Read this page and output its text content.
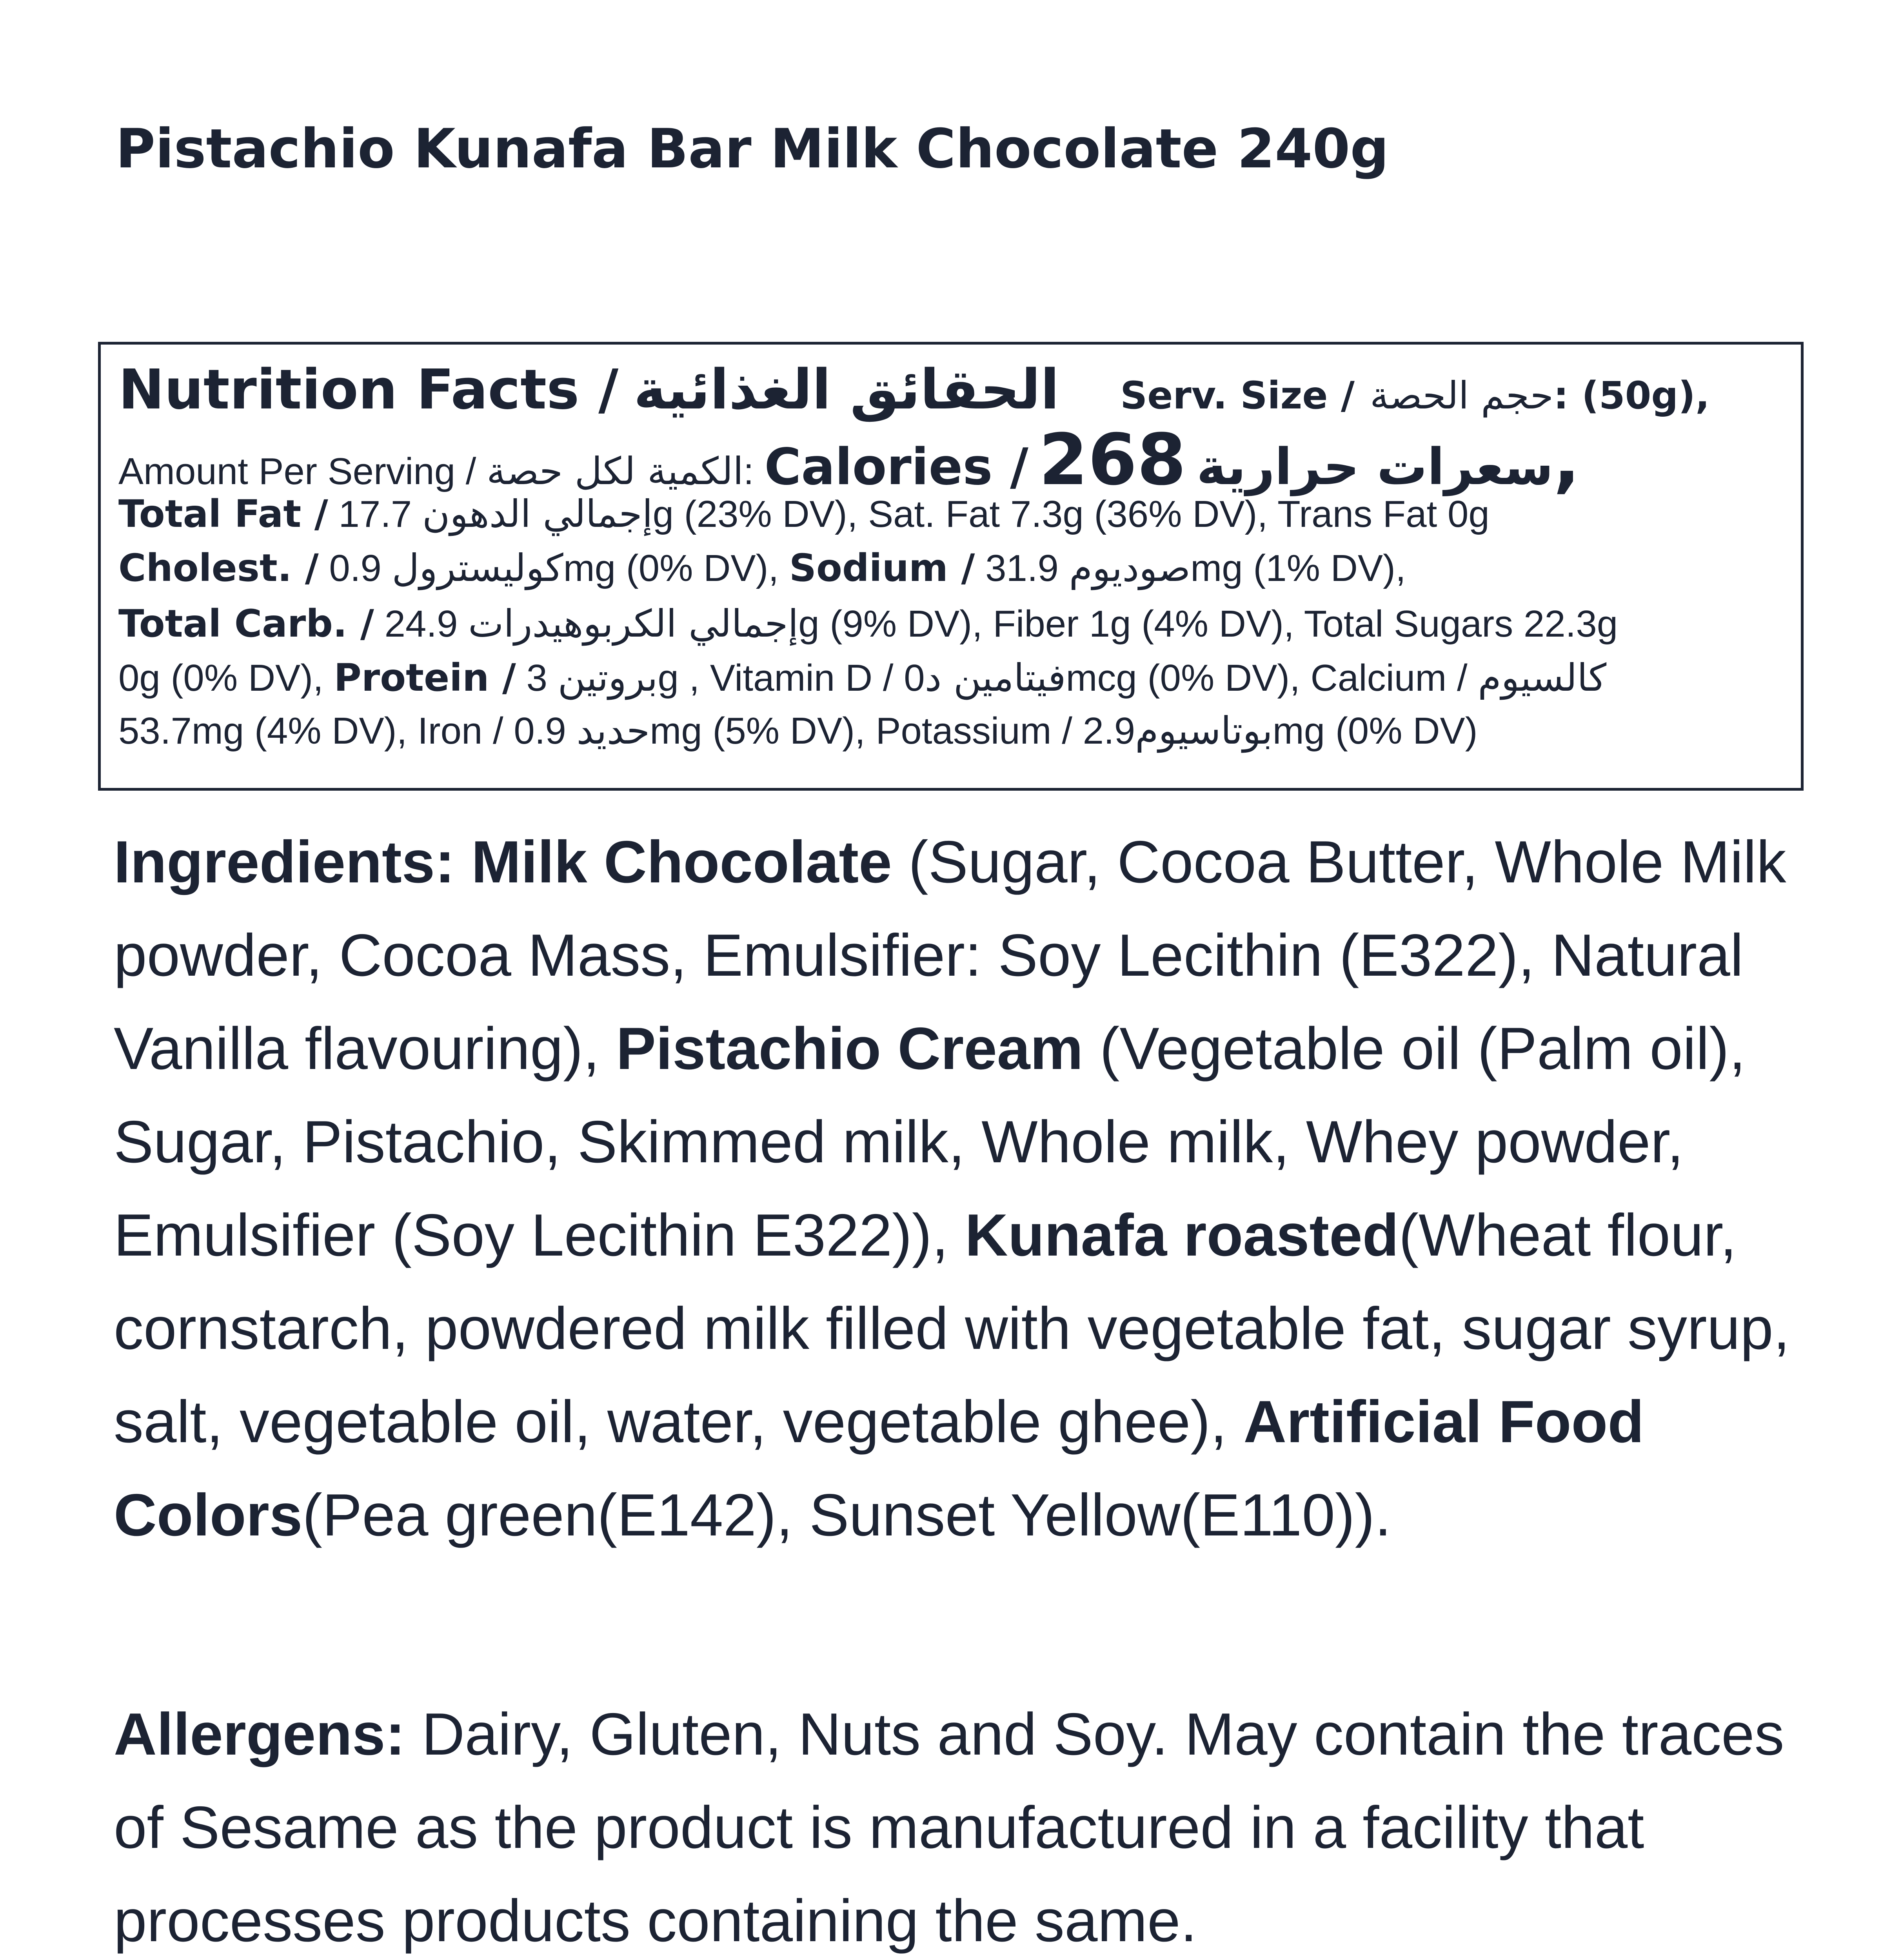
Pistachio Kunafa Bar Milk Chocolate 240g
Nutrition Facts / الحقائق الغذائية Serv. Size / حجم الحصة: (50g),
Amount Per Serving / الكمية لكل حصة: Calories /	سعرات حرارية 268,
Total Fat /	إجمالي الدهون 17.7g (23% DV), Sat. Fat 7.3g (36% DV), Trans Fat 0g
Cholest. / كوليسترول 0.9mg (0% DV), Sodium /	صوديوم 31.9mg (1% DV),
Total Carb. /	إجمالي الكربوهيدرات 24.9g (9% DV), Fiber 1g (4% DV), Total Sugars 22.3g
0g (0% DV), Protein / بروتين 3g , Vitamin D / فيتامين د0mcg (0% DV), Calcium / كالسيوم
53.7mg (4% DV), Iron / حديد 0.9mg (5% DV), Potassium / بوتاسيوم2.9mg (0% DV)

Ingredients: Milk Chocolate (Sugar, Cocoa Butter, Whole Milk powder, Cocoa Mass, Emulsifier: Soy Lecithin (E322), Natural Vanilla flavouring), Pistachio Cream (Vegetable oil (Palm oil), Sugar, Pistachio, Skimmed milk, Whole milk, Whey powder, Emulsifier (Soy Lecithin E322)), Kunafa roasted(Wheat flour, cornstarch, powdered milk filled with vegetable fat, sugar syrup, salt, vegetable oil, water, vegetable ghee), Artificial Food Colors(Pea green(E142), Sunset Yellow(E110)).

Allergens: Dairy, Gluten, Nuts and Soy. May contain the traces of Sesame as the product is manufactured in a facility that processes products containing the same.
